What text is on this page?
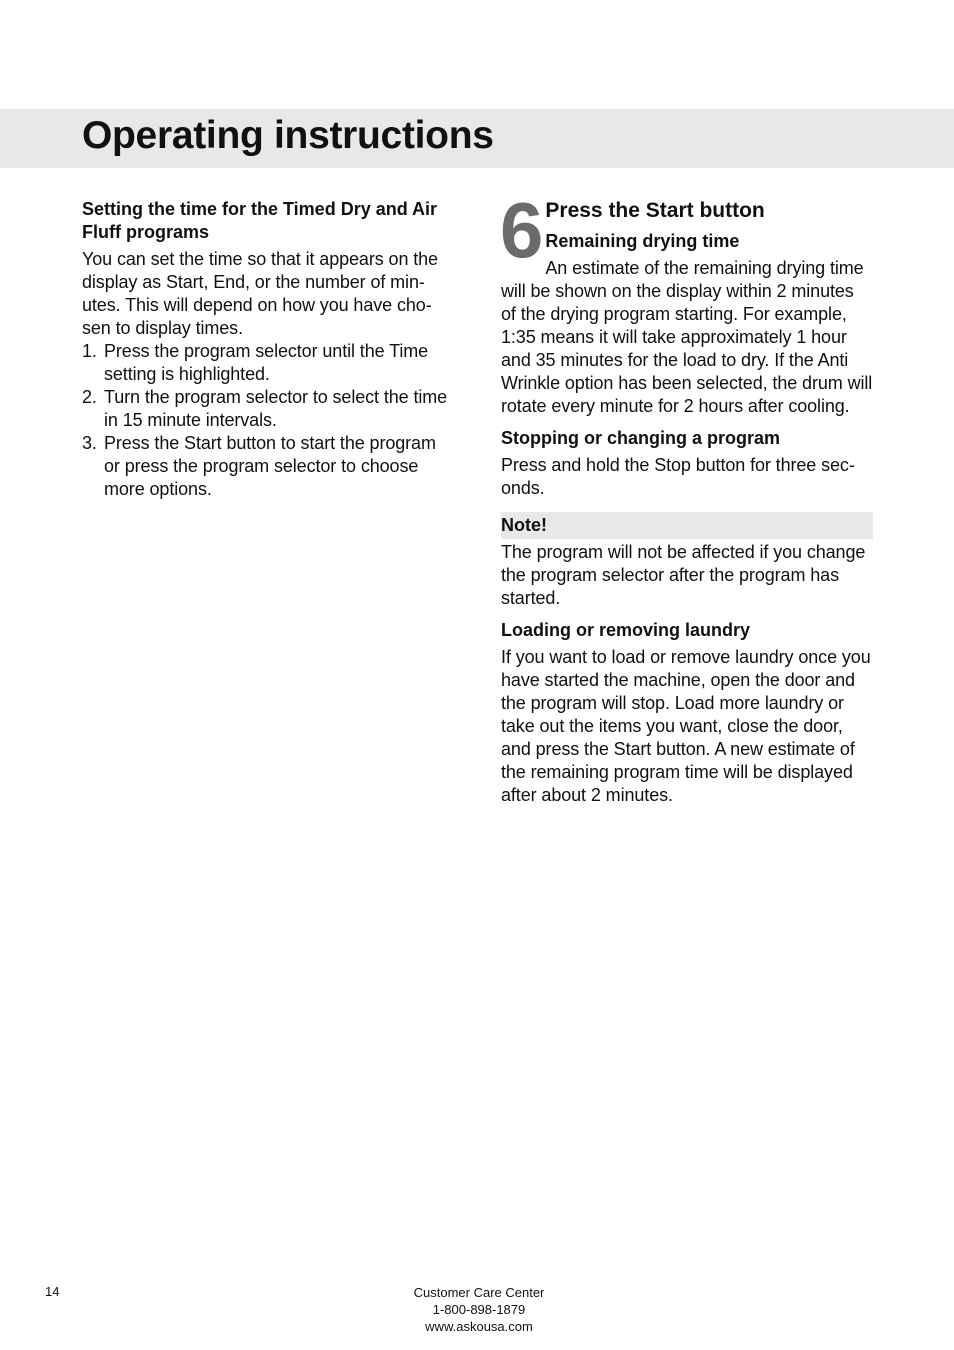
Operating instructions

Setting the time for the Timed Dry and Air Fluff programs

You can set the time so that it appears on the display as Start, End, or the number of min-utes. This will depend on how you have cho-sen to display times.

1. Press the program selector until the Time setting is highlighted.
2. Turn the program selector to select the time in 15 minute intervals.
3. Press the Start button to start the program or press the program selector to choose more options.
6 Press the Start button

Remaining drying time

An estimate of the remaining drying time will be shown on the display within 2 minutes of the drying program starting. For example, 1:35 means it will take approximately 1 hour and 35 minutes for the load to dry. If the Anti Wrinkle option has been selected, the drum will rotate every minute for 2 hours after cooling.

Stopping or changing a program

Press and hold the Stop button for three sec-onds.

Note!

The program will not be affected if you change the program selector after the program has started.

Loading or removing laundry

If you want to load or remove laundry once you have started the machine, open the door and the program will stop. Load more laundry or take out the items you want, close the door, and press the Start button. A new estimate of the remaining program time will be displayed after about 2 minutes.

14	Customer Care Center
1-800-898-1879
www.askousa.com
